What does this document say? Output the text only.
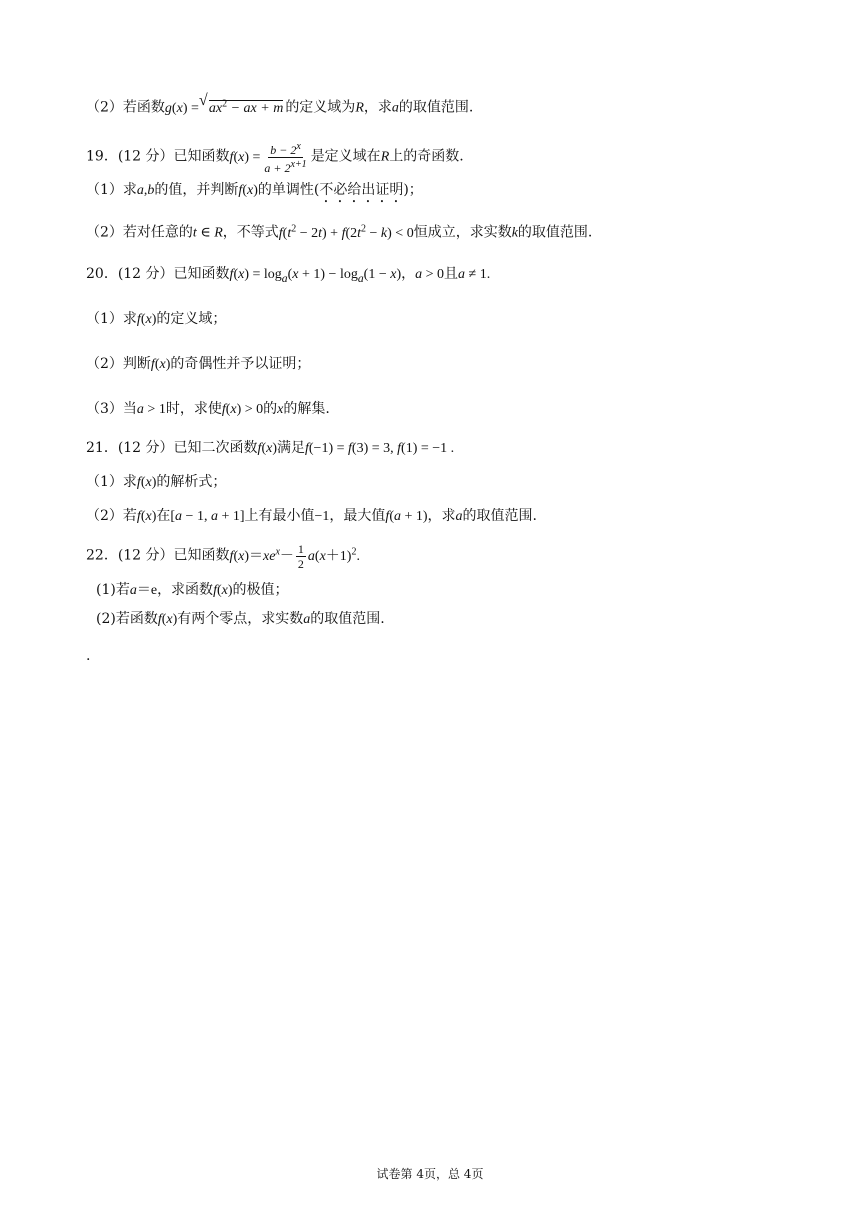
（2）若函数g(x) =√ $ax^2$ − ax + m 的定义域为R，求a的取值范围.
19．(12 分）已知函数$f(x) = \frac{b - 2^x}{a + 2^{x+1}}$ 是定义域在R上的奇函数.
（1）求a,b的值，并判断f(x)的单调性(不必给出证明)；
（2）若对任意的t ∈ R，不等式$f(t^2 - 2t) + f(2t^2 - k) < 0$恒成立，求实数k的取值范围.
20．(12 分）已知函数$f(x) = \log_a(x + 1) - \log_a(1 - x)$，a > 0且a ≠ 1.
（1）求f(x)的定义域；
（2）判断f(x)的奇偶性并予以证明；
（3）当a > 1时，求使f(x) > 0的x的解集.
21．(12 分）已知二次函数f(x)满足f(−1) = f(3) = 3, f(1) = −1 .
（1）求f(x)的解析式；
（2）若f(x)在[a − 1, a + 1]上有最小值−1，最大值f(a + 1)，求a的取值范围.
22．(12 分）已知函数$f(x)=xe^x- \frac{1}{2} a(x+1)^2$.
(1)若a＝e，求函数f(x)的极值；
(2)若函数f(x)有两个零点，求实数a的取值范围.
.
试卷第 4页，总 4页
